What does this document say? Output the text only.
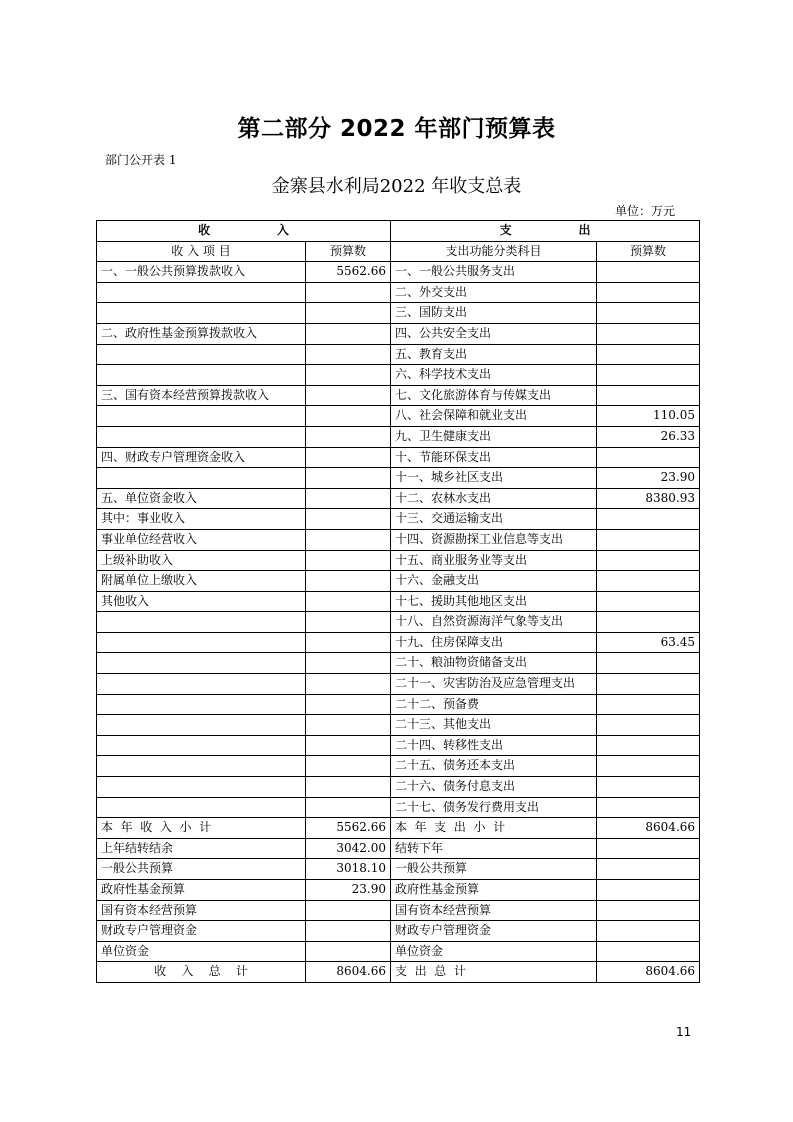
第二部分 2022 年部门预算表
部门公开表 1
金寨县水利局2022 年收支总表
单位：万元
收                入		支                出	
收 入 项 目	预算数	支出功能分类科目	预算数
一、一般公共预算拨款收入	5562.66	一、一般公共服务支出	
		二、外交支出	
		三、国防支出	
二、政府性基金预算拨款收入		四、公共安全支出	
		五、教育支出	
		六、科学技术支出	
三、国有资本经营预算拨款收入		七、文化旅游体育与传媒支出	
		八、社会保障和就业支出	110.05
		九、卫生健康支出	26.33
四、财政专户管理资金收入		十、节能环保支出	
		十一、城乡社区支出	23.90
五、单位资金收入		十二、农林水支出	8380.93
其中：事业收入		十三、交通运输支出	
事业单位经营收入		十四、资源勘探工业信息等支出	
上级补助收入		十五、商业服务业等支出	
附属单位上缴收入		十六、金融支出	
其他收入		十七、援助其他地区支出	
		十八、自然资源海洋气象等支出	
		十九、住房保障支出	63.45
		二十、粮油物资储备支出	
		二十一、灾害防治及应急管理支出	
		二十二、预备费	
		二十三、其他支出	
		二十四、转移性支出	
		二十五、债务还本支出	
		二十六、债务付息支出	
		二十七、债务发行费用支出	
本  年  收  入  小  计	5562.66	本  年  支  出  小  计	8604.66
上年结转结余	3042.00	结转下年	
一般公共预算	3018.10	一般公共预算	
政府性基金预算	23.90	政府性基金预算	
国有资本经营预算		国有资本经营预算	
财政专户管理资金		财政专户管理资金	
单位资金		单位资金	
收    入    总    计	8604.66	支  出  总  计	8604.66
11
